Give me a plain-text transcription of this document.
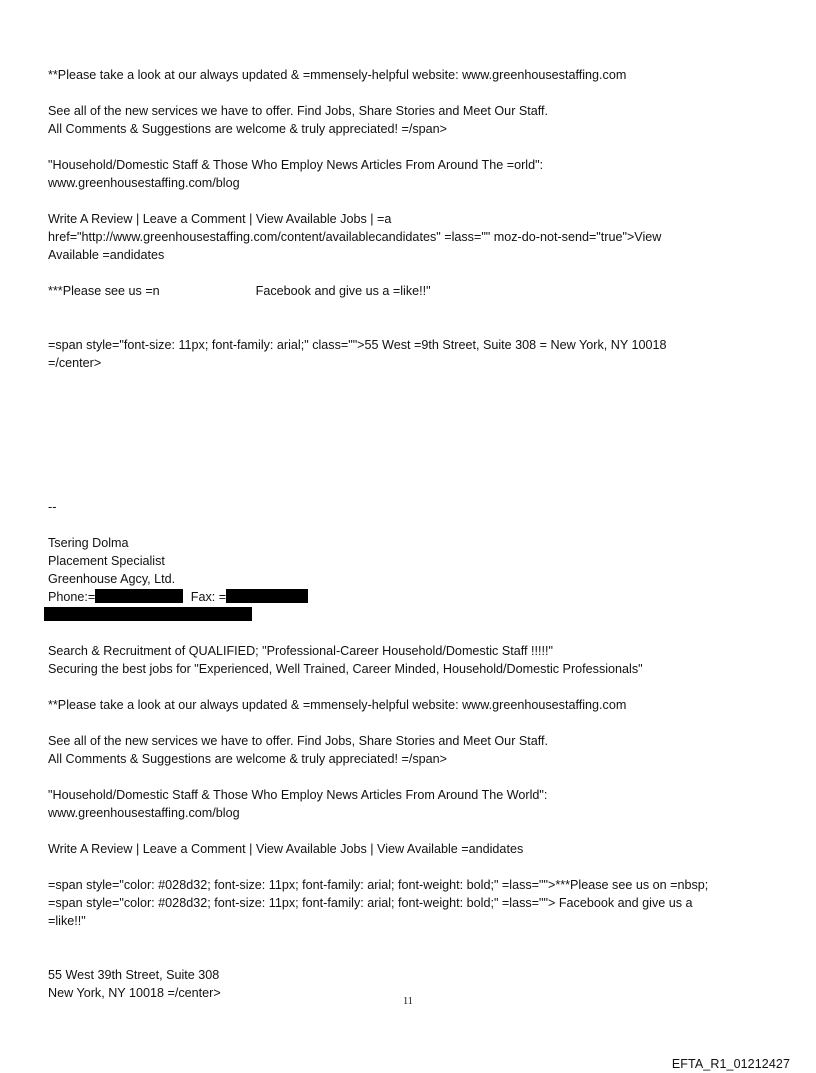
**Please take a look at our always updated & =mmensely-helpful website: www.greenhousestaffing.com
See all of the new services we have to offer. Find Jobs, Share Stories and Meet Our Staff.
All Comments & Suggestions are welcome & truly appreciated! =/span>
"Household/Domestic Staff & Those Who Employ News Articles From Around The =orld":
www.greenhousestaffing.com/blog
Write A Review | Leave a Comment | View Available Jobs | =a
href="http://www.greenhousestaffing.com/content/availablecandidates" =lass="" moz-do-not-send="true">View
Available =andidates
***Please see us =n	Facebook and give us a =like!!"
=span style="font-size: 11px; font-family: arial;" class="">55 West =9th Street, Suite 308 = New York, NY 10018
=/center>
--
Tsering Dolma
Placement Specialist
Greenhouse Agcy, Ltd.
Phone:=	Fax: =
Search & Recruitment of QUALIFIED; "Professional-Career Household/Domestic Staff !!!!!"
Securing the best jobs for "Experienced, Well Trained, Career Minded, Household/Domestic Professionals"
**Please take a look at our always updated & =mmensely-helpful website: www.greenhousestaffing.com
See all of the new services we have to offer. Find Jobs, Share Stories and Meet Our Staff.
All Comments & Suggestions are welcome & truly appreciated! =/span>
"Household/Domestic Staff & Those Who Employ News Articles From Around The World":
www.greenhousestaffing.com/blog
Write A Review | Leave a Comment | View Available Jobs | View Available =andidates
=span style="color: #028d32; font-size: 11px; font-family: arial; font-weight: bold;" =lass="">***Please see us on =nbsp;
=span style="color: #028d32; font-size: 11px; font-family: arial; font-weight: bold;" =lass=""> Facebook and give us a
=like!!"
55 West 39th Street, Suite 308
New York, NY 10018 =/center>
11
EFTA_R1_01212427
